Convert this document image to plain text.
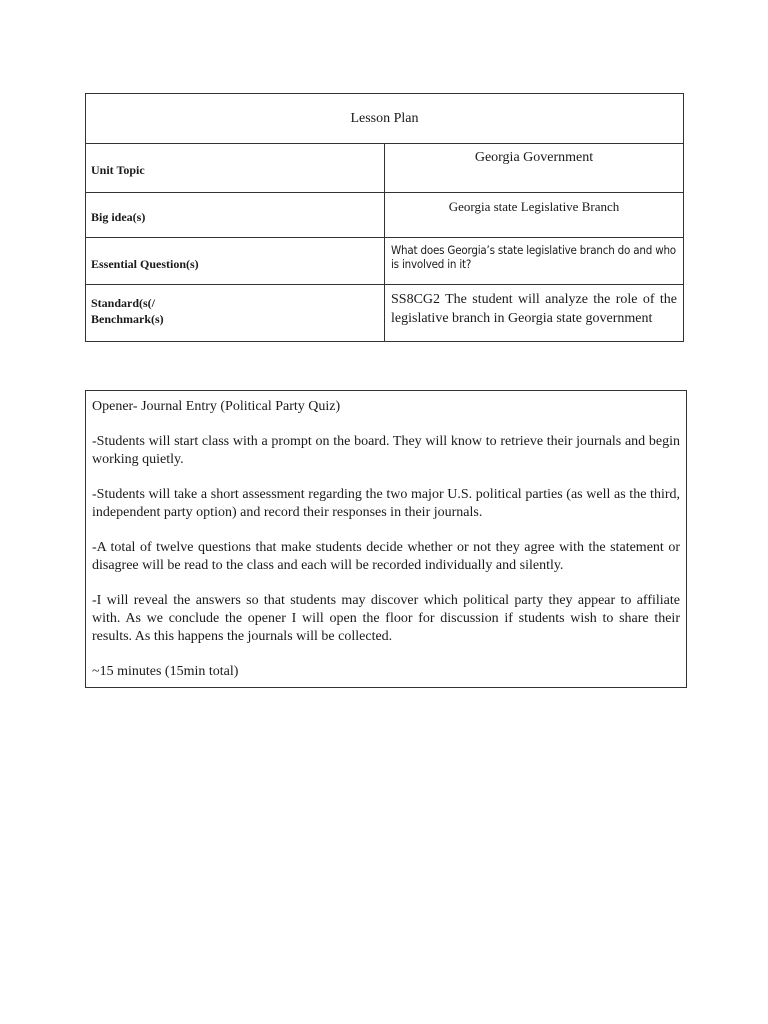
Lesson Plan	
Unit Topic	Georgia Government
Big idea(s)	Georgia state Legislative Branch
Essential Question(s)	What does Georgia’s state legislative branch do and who is involved in it?

Standard(s(/
Benchmark(s)	SS8CG2 The student will analyze the role of the legislative branch in Georgia state government

Opener- Journal Entry (Political Party Quiz)

-Students will start class with a prompt on the board. They will know to retrieve their journals and begin working quietly.

-Students will take a short assessment regarding the two major U.S. political parties (as well as the third, independent party option) and record their responses in their journals.

-A total of twelve questions that make students decide whether or not they agree with the statement or disagree will be read to the class and each will be recorded individually and silently.

-I will reveal the answers so that students may discover which political party they appear to affiliate with. As we conclude the opener I will open the floor for discussion if students wish to share their results. As this happens the journals will be collected.

~15 minutes (15min total)
